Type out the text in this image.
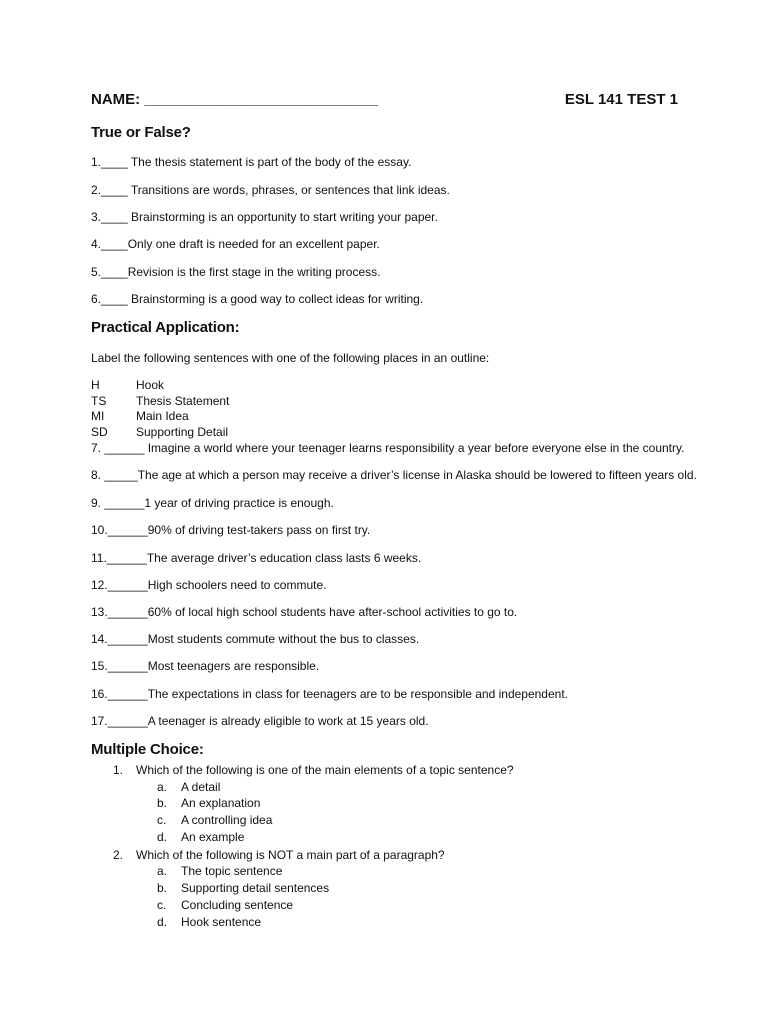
NAME: ____________________________	ESL 141 TEST 1
True or False?
1.____ The thesis statement is part of the body of the essay.
2.____ Transitions are words, phrases, or sentences that link ideas.
3.____ Brainstorming is an opportunity to start writing your paper.
4.____Only one draft is needed for an excellent paper.
5.____Revision is the first stage in the writing process.
6.____ Brainstorming is a good way to collect ideas for writing.
Practical Application:
Label the following sentences with one of the following places in an outline:
H	Hook
TS Thesis Statement
MI	Main Idea
SD Supporting Detail
7. ______ Imagine a world where your teenager learns responsibility a year before everyone else in the country.
8. _____The age at which a person may receive a driver’s license in Alaska should be lowered to fifteen years old.
9. ______1 year of driving practice is enough.
10.______90% of driving test-takers pass on first try.
11.______The average driver’s education class lasts 6 weeks.
12.______High schoolers need to commute.
13.______60% of local high school students have after-school activities to go to.
14.______Most students commute without the bus to classes.
15.______Most teenagers are responsible.
16.______The expectations in class for teenagers are to be responsible and independent.
17.______A teenager is already eligible to work at 15 years old.
Multiple Choice:
1. Which of the following is one of the main elements of a topic sentence?
a. A detail
b. An explanation
c. A controlling idea
d. An example
2. Which of the following is NOT a main part of a paragraph?
a. The topic sentence
b. Supporting detail sentences
c. Concluding sentence
d. Hook sentence
